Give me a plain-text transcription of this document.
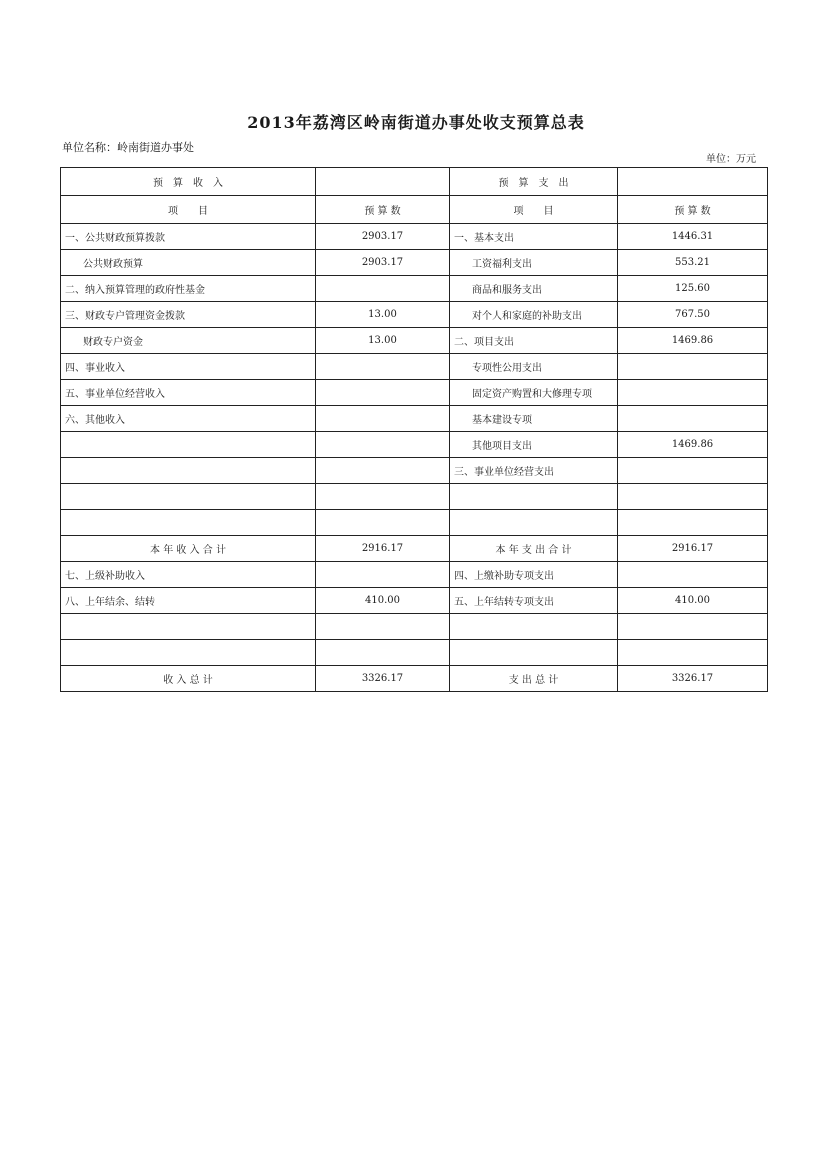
2013年荔湾区岭南街道办事处收支预算总表
单位名称：岭南街道办事处
单位：万元
预　算　收　入		预　算　支　出	
项　　目	预 算 数	项　　目	预 算 数
一、公共财政预算拨款	2903.17	一、基本支出	1446.31
公共财政预算	2903.17	工资福利支出	553.21
二、纳入预算管理的政府性基金		商品和服务支出	125.60
三、财政专户管理资金拨款	13.00	对个人和家庭的补助支出	767.50
财政专户资金	13.00	二、项目支出	1469.86
四、事业收入		专项性公用支出	
五、事业单位经营收入		固定资产购置和大修理专项	
六、其他收入		基本建设专项	
		其他项目支出	1469.86
		三、事业单位经营支出	

本 年 收 入 合 计	2916.17	本 年 支 出 合 计	2916.17
七、上级补助收入		四、上缴补助专项支出	
八、上年结余、结转	410.00	五、上年结转专项支出	410.00

收 入 总 计	3326.17	支 出 总 计	3326.17
